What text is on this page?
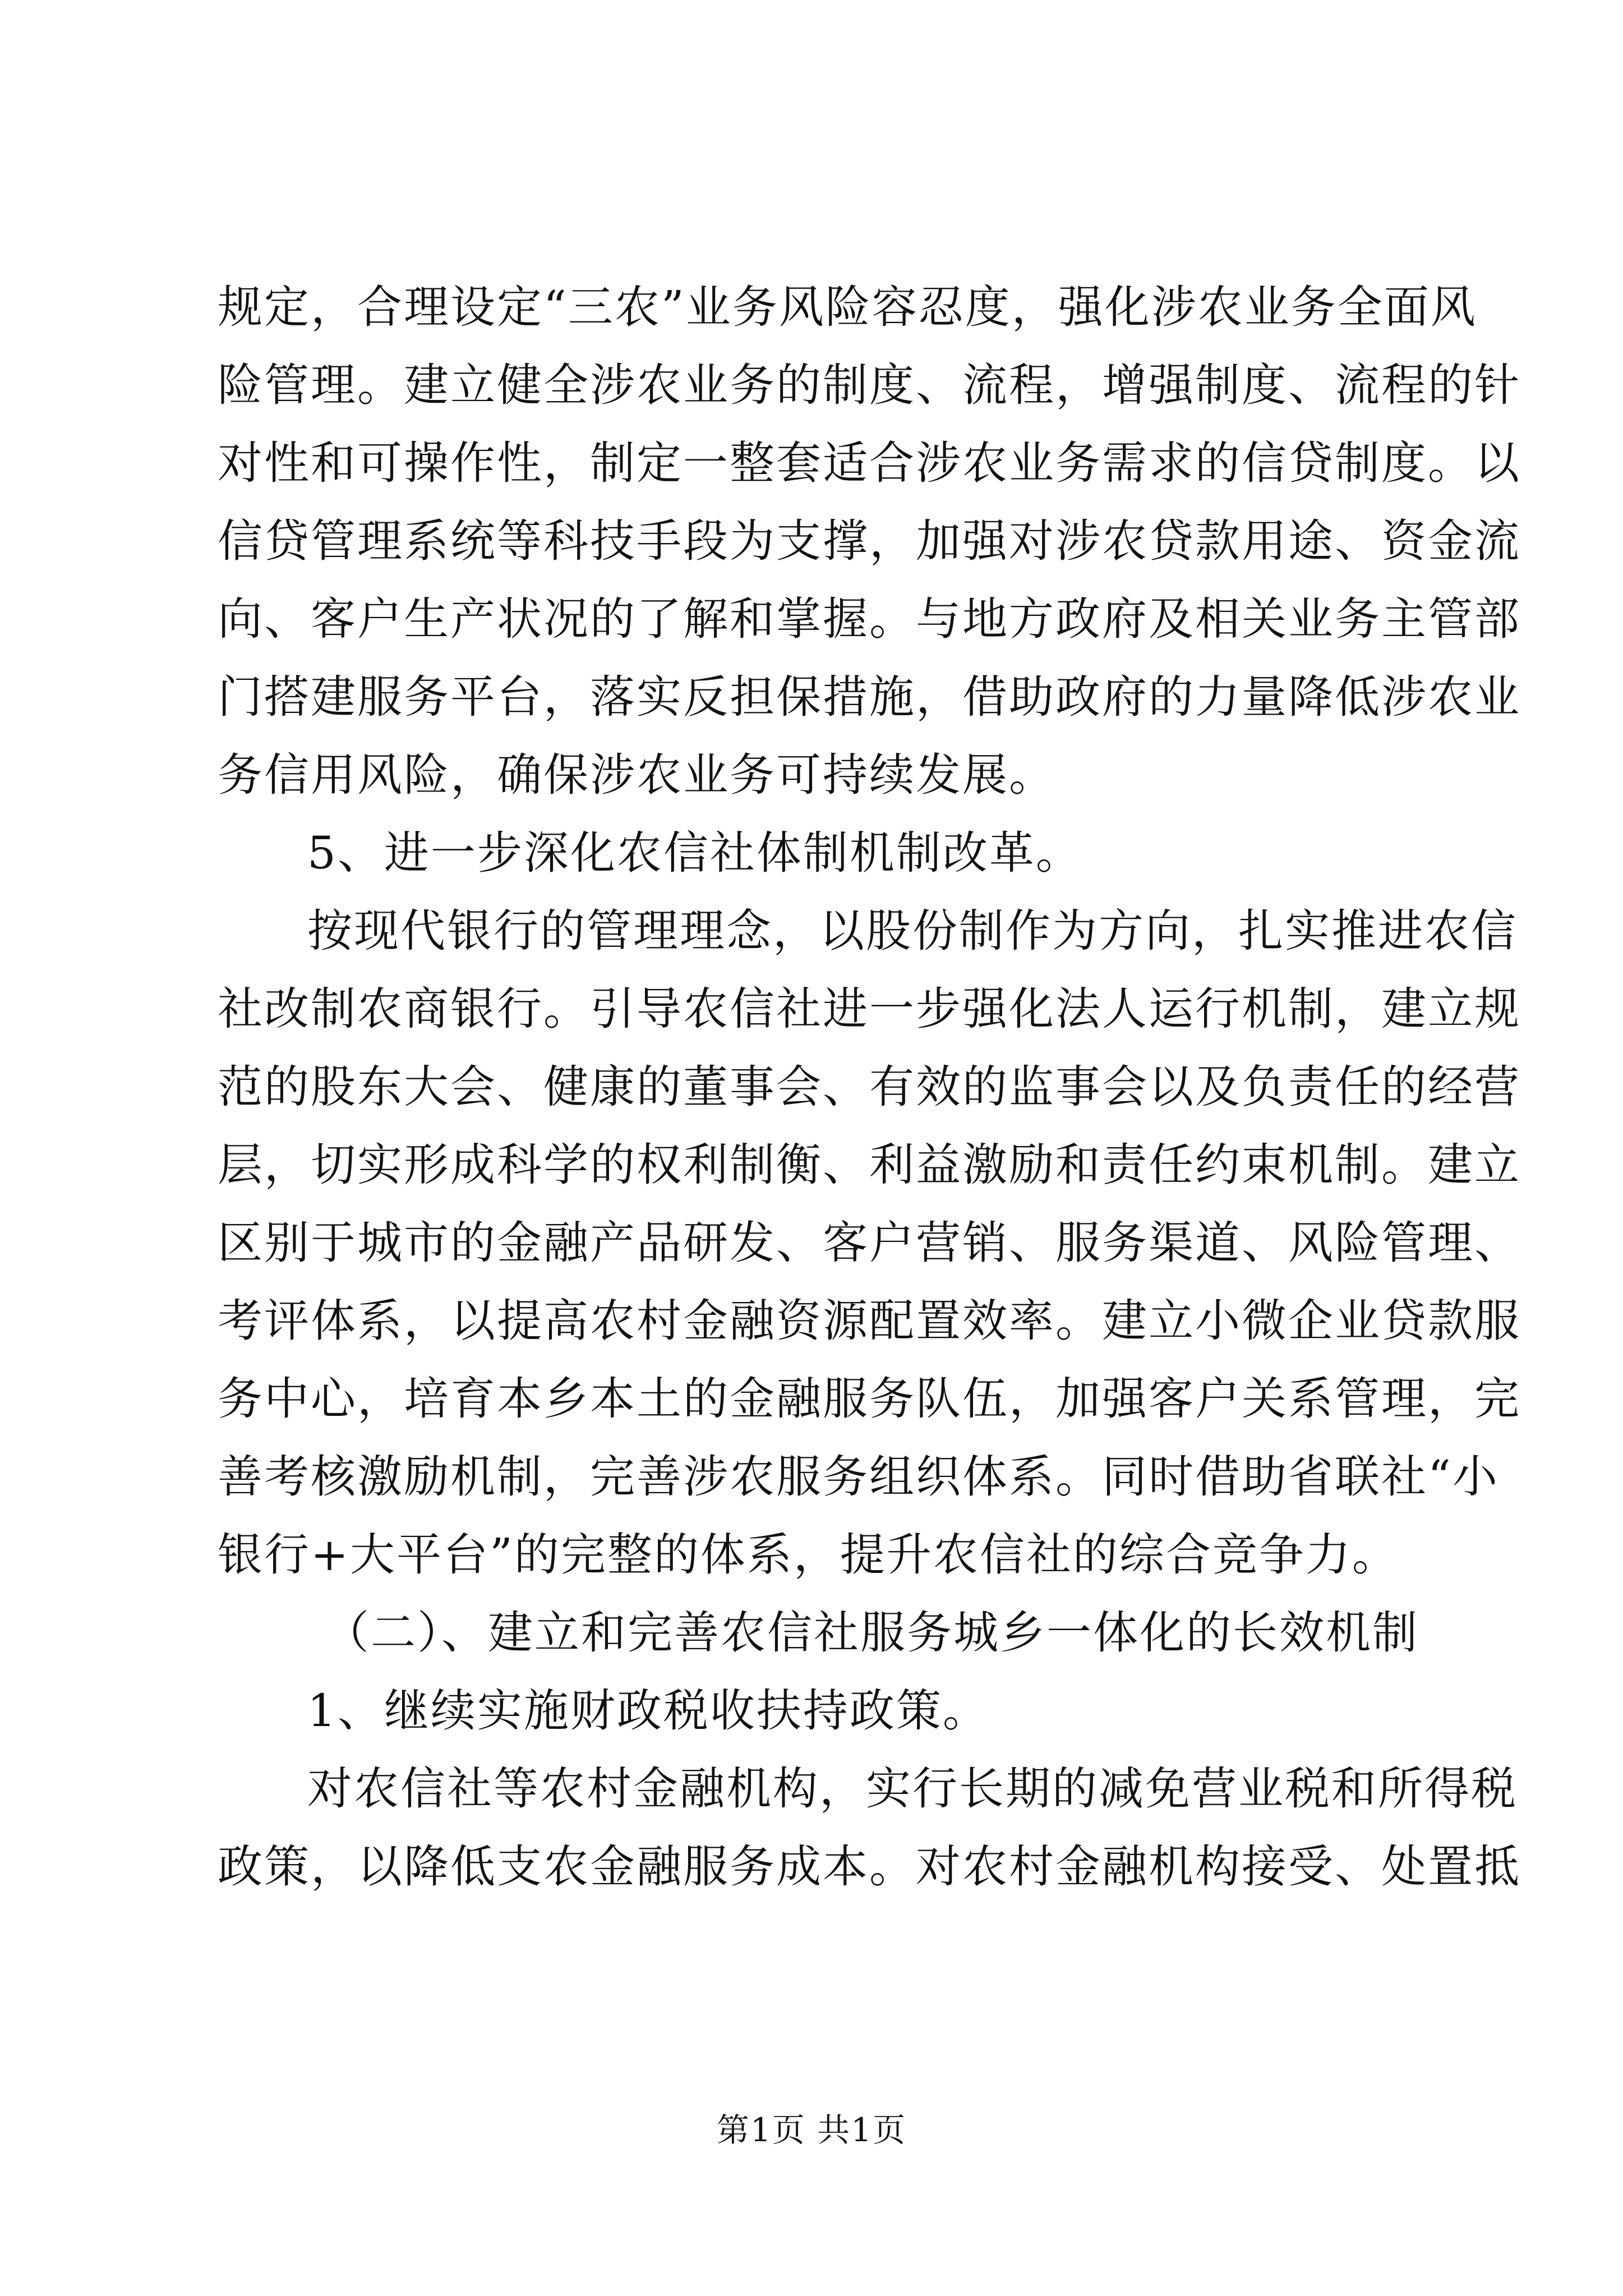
规定，合理设定“三农”业务风险容忍度，强化涉农业务全面风
险管理。建立健全涉农业务的制度、流程，增强制度、流程的针
对性和可操作性，制定一整套适合涉农业务需求的信贷制度。以
信贷管理系统等科技手段为支撑，加强对涉农贷款用途、资金流
向、客户生产状况的了解和掌握。与地方政府及相关业务主管部
门搭建服务平台，落实反担保措施，借助政府的力量降低涉农业
务信用风险，确保涉农业务可持续发展。
5、进一步深化农信社体制机制改革。
按现代银行的管理理念，以股份制作为方向，扎实推进农信
社改制农商银行。引导农信社进一步强化法人运行机制，建立规
范的股东大会、健康的董事会、有效的监事会以及负责任的经营
层，切实形成科学的权利制衡、利益激励和责任约束机制。建立
区别于城市的金融产品研发、客户营销、服务渠道、风险管理、
考评体系，以提高农村金融资源配置效率。建立小微企业贷款服
务中心，培育本乡本土的金融服务队伍，加强客户关系管理，完
善考核激励机制，完善涉农服务组织体系。同时借助省联社“小
银行+大平台”的完整的体系，提升农信社的综合竞争力。
（二）、建立和完善农信社服务城乡一体化的长效机制
1、继续实施财政税收扶持政策。
对农信社等农村金融机构，实行长期的减免营业税和所得税
政策，以降低支农金融服务成本。对农村金融机构接受、处置抵
第1页 共1页
